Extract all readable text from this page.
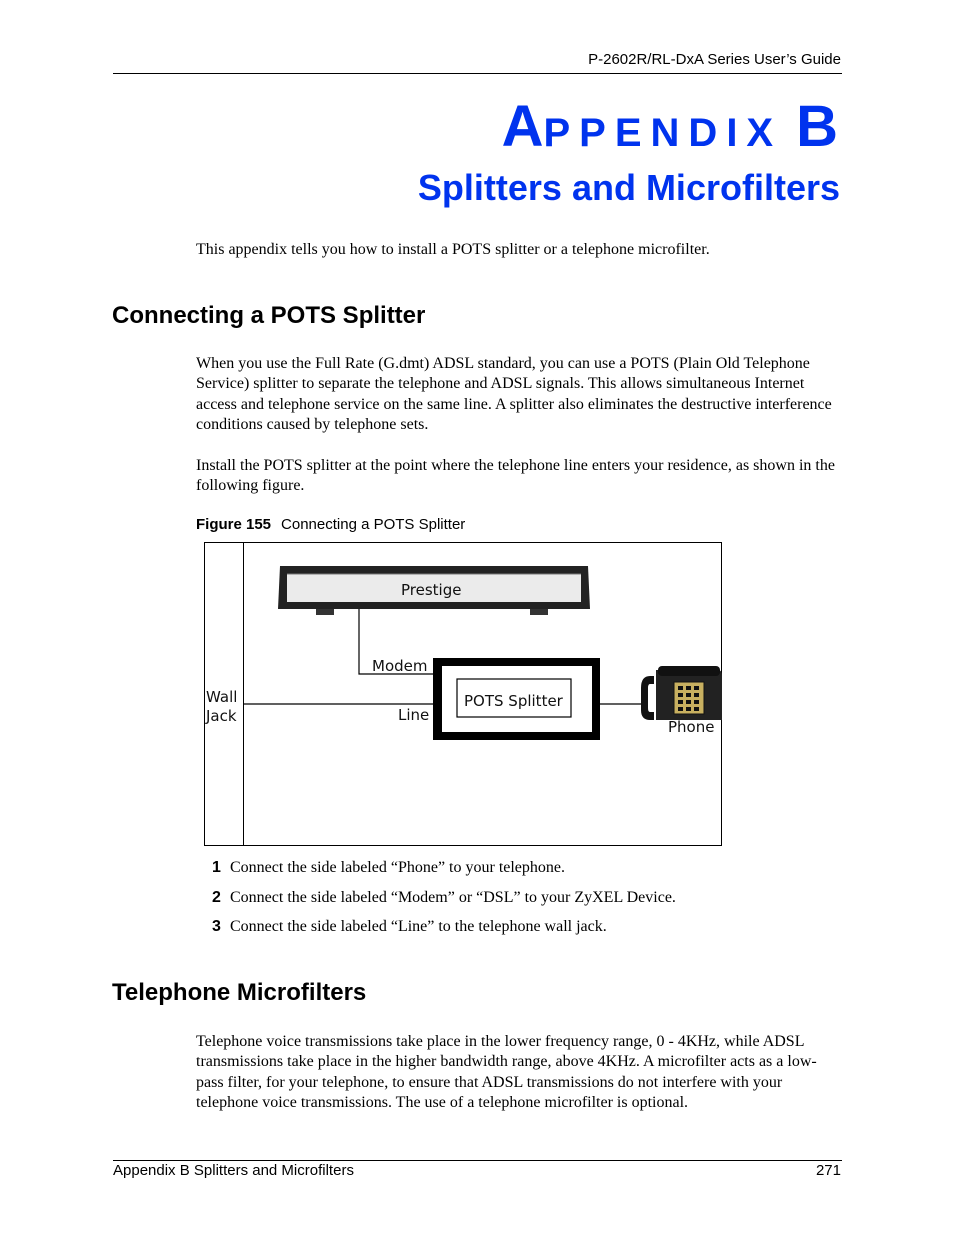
P-2602R/RL-DxA Series User’s Guide
APPENDIX B
Splitters and Microfilters
This appendix tells you how to install a POTS splitter or a telephone microfilter.
Connecting a POTS Splitter
When you use the Full Rate (G.dmt) ADSL standard, you can use a POTS (Plain Old Telephone Service) splitter to separate the telephone and ADSL signals. This allows simultaneous Internet access and telephone service on the same line. A splitter also eliminates the destructive interference conditions caused by telephone sets.
Install the POTS splitter at the point where the telephone line enters your residence, as shown in the following figure.
Figure 155 Connecting a POTS Splitter
Prestige
Modem
Wall
Jack	Line
POTS Splitter
Phone
1 Connect the side labeled “Phone” to your telephone.
2 Connect the side labeled “Modem” or “DSL” to your ZyXEL Device.
3 Connect the side labeled “Line” to the telephone wall jack.
Telephone Microfilters
Telephone voice transmissions take place in the lower frequency range, 0 - 4KHz, while ADSL transmissions take place in the higher bandwidth range, above 4KHz. A microfilter acts as a low-pass filter, for your telephone, to ensure that ADSL transmissions do not interfere with your telephone voice transmissions. The use of a telephone microfilter is optional.
Appendix B Splitters and Microfilters	271
